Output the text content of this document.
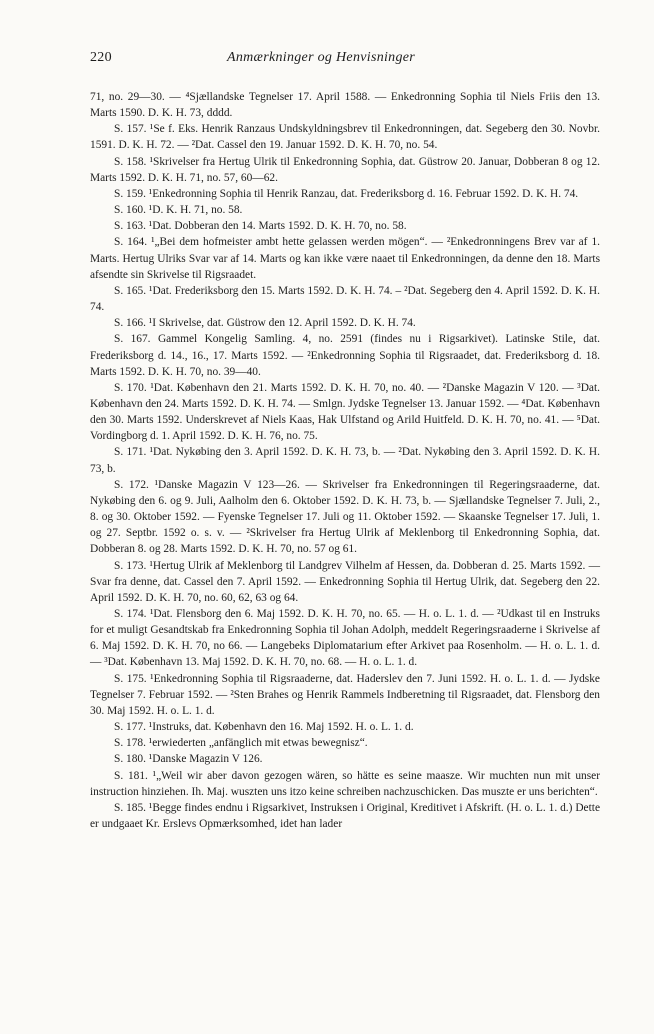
220	Anmærkninger og Henvisninger

71, no. 29—30. — ⁴Sjællandske Tegnelser 17. April 1588. — Enkedronning Sophia til Niels Friis den 13. Marts 1590. D. K. H. 73, dddd.

S. 157. ¹Se f. Eks. Henrik Ranzaus Undskyldningsbrev til Enkedronningen, dat. Segeberg den 30. Novbr. 1591. D. K. H. 72. — ²Dat. Cassel den 19. Januar 1592. D. K. H. 70, no. 54.

S. 158. ¹Skrivelser fra Hertug Ulrik til Enkedronning Sophia, dat. Güstrow 20. Januar, Dobberan 8 og 12. Marts 1592. D. K. H. 71, no. 57, 60—62.

S. 159. ¹Enkedronning Sophia til Henrik Ranzau, dat. Frederiksborg d. 16. Februar 1592. D. K. H. 74.

S. 160. ¹D. K. H. 71, no. 58.

S. 163. ¹Dat. Dobberan den 14. Marts 1592. D. K. H. 70, no. 58.

S. 164. ¹„Bei dem hofmeister ambt hette gelassen werden mögen“. — ²Enkedronningens Brev var af 1. Marts. Hertug Ulriks Svar var af 14. Marts og kan ikke være naaet til Enkedronningen, da denne den 18. Marts afsendte sin Skrivelse til Rigsraadet.

S. 165. ¹Dat. Frederiksborg den 15. Marts 1592. D. K. H. 74. – ²Dat. Segeberg den 4. April 1592. D. K. H. 74.

S. 166. ¹I Skrivelse, dat. Güstrow den 12. April 1592. D. K. H. 74.

S. 167. Gammel Kongelig Samling. 4, no. 2591 (findes nu i Rigsarkivet). Latinske Stile, dat. Frederiksborg d. 14., 16., 17. Marts 1592. — ²Enkedronning Sophia til Rigsraadet, dat. Frederiksborg d. 18. Marts 1592. D. K. H. 70, no. 39—40.

S. 170. ¹Dat. København den 21. Marts 1592. D. K. H. 70, no. 40. — ²Danske Magazin V 120. — ³Dat. København den 24. Marts 1592. D. K. H. 74. — Smlgn. Jydske Tegnelser 13. Januar 1592. — ⁴Dat. København den 30. Marts 1592. Underskrevet af Niels Kaas, Hak Ulfstand og Arild Huitfeld. D. K. H. 70, no. 41. — ⁵Dat. Vordingborg d. 1. April 1592. D. K. H. 76, no. 75.

S. 171. ¹Dat. Nykøbing den 3. April 1592. D. K. H. 73, b. — ²Dat. Nykøbing den 3. April 1592. D. K. H. 73, b.

S. 172. ¹Danske Magazin V 123—26. — Skrivelser fra Enkedronningen til Regeringsraaderne, dat. Nykøbing den 6. og 9. Juli, Aalholm den 6. Oktober 1592. D. K. H. 73, b. — Sjællandske Tegnelser 7. Juli, 2., 8. og 30. Oktober 1592. — Fyenske Tegnelser 17. Juli og 11. Oktober 1592. — Skaanske Tegnelser 17. Juli, 1. og 27. Septbr. 1592 o. s. v. — ²Skrivelser fra Hertug Ulrik af Meklenborg til Enkedronning Sophia, dat. Dobberan 8. og 28. Marts 1592. D. K. H. 70, no. 57 og 61.

S. 173. ¹Hertug Ulrik af Meklenborg til Landgrev Vilhelm af Hessen, da. Dobberan d. 25. Marts 1592. — Svar fra denne, dat. Cassel den 7. April 1592. — Enkedronning Sophia til Hertug Ulrik, dat. Segeberg den 22. April 1592. D. K. H. 70, no. 60, 62, 63 og 64.

S. 174. ¹Dat. Flensborg den 6. Maj 1592. D. K. H. 70, no. 65. — H. o. L. 1. d. — ²Udkast til en Instruks for et muligt Gesandtskab fra Enkedronning Sophia til Johan Adolph, meddelt Regeringsraaderne i Skrivelse af 6. Maj 1592. D. K. H. 70, no 66. — Langebeks Diplomatarium efter Arkivet paa Rosenholm. — H. o. L. 1. d. — ³Dat. København 13. Maj 1592. D. K. H. 70, no. 68. — H. o. L. 1. d.

S. 175. ¹Enkedronning Sophia til Rigsraaderne, dat. Haderslev den 7. Juni 1592. H. o. L. 1. d. — Jydske Tegnelser 7. Februar 1592. — ²Sten Brahes og Henrik Rammels Indberetning til Rigsraadet, dat. Flensborg den 30. Maj 1592. H. o. L. 1. d.

S. 177. ¹Instruks, dat. København den 16. Maj 1592. H. o. L. 1. d.

S. 178. ¹erwiederten „anfänglich mit etwas bewegnisz“.

S. 180. ¹Danske Magazin V 126.

S. 181. ¹„Weil wir aber davon gezogen wären, so hätte es seine maasze. Wir muchten nun mit unser instruction hinziehen. Ih. Maj. wuszten uns itzo keine schreiben nachzuschicken. Das muszte er uns berichten“.

S. 185. ¹Begge findes endnu i Rigsarkivet, Instruksen i Original, Kreditivet i Afskrift. (H. o. L. 1. d.) Dette er undgaaet Kr. Erslevs Opmærksomhed, idet han lader
